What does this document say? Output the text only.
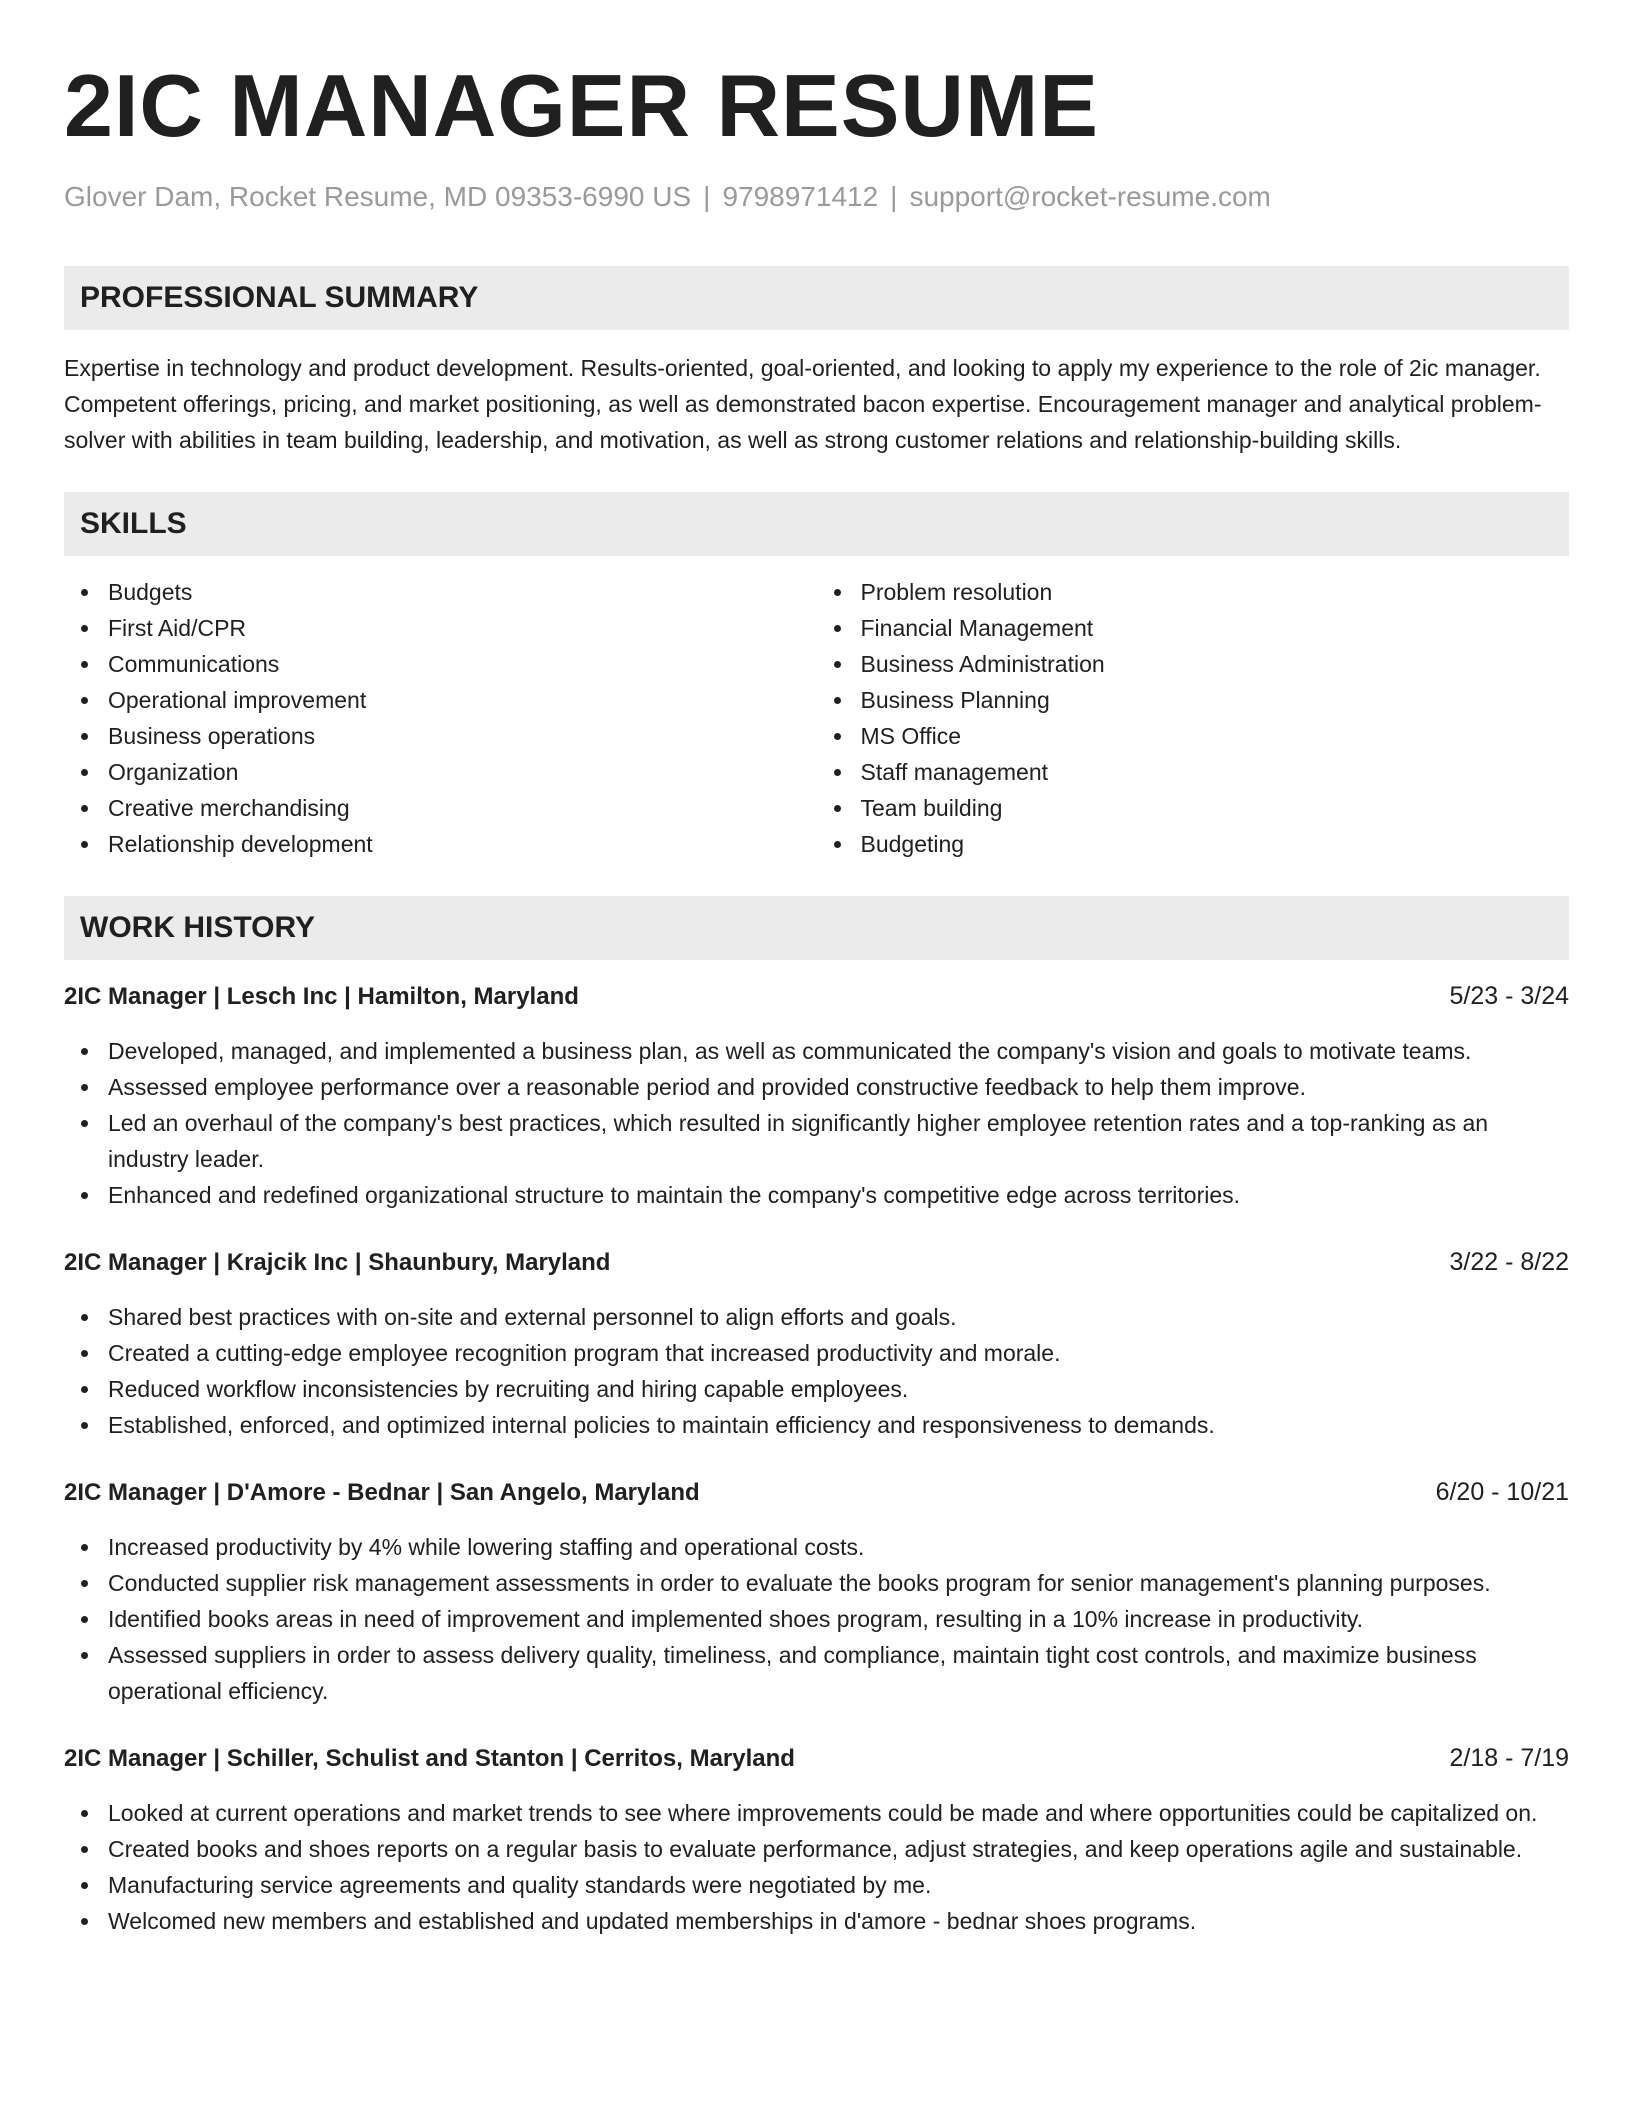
2IC MANAGER RESUME
Glover Dam, Rocket Resume, MD 09353-6990 US | 9798971412 | support@rocket-resume.com
PROFESSIONAL SUMMARY

Expertise in technology and product development. Results-oriented, goal-oriented, and looking to apply my experience to the role of 2ic manager. Competent offerings, pricing, and market positioning, as well as demonstrated bacon expertise. Encouragement manager and analytical problem-solver with abilities in team building, leadership, and motivation, as well as strong customer relations and relationship-building skills.

SKILLS
Budgets
First Aid/CPR
Communications
Operational improvement
Business operations
Organization
Creative merchandising
Relationship development
Problem resolution
Financial Management
Business Administration
Business Planning
MS Office
Staff management
Team building
Budgeting
WORK HISTORY
2IC Manager | Lesch Inc | Hamilton, Maryland	5/23 - 3/24
Developed, managed, and implemented a business plan, as well as communicated the company's vision and goals to motivate teams.
Assessed employee performance over a reasonable period and provided constructive feedback to help them improve.
Led an overhaul of the company's best practices, which resulted in significantly higher employee retention rates and a top-ranking as an industry leader.
Enhanced and redefined organizational structure to maintain the company's competitive edge across territories.
2IC Manager | Krajcik Inc | Shaunbury, Maryland	3/22 - 8/22
Shared best practices with on-site and external personnel to align efforts and goals.
Created a cutting-edge employee recognition program that increased productivity and morale.
Reduced workflow inconsistencies by recruiting and hiring capable employees.
Established, enforced, and optimized internal policies to maintain efficiency and responsiveness to demands.
2IC Manager | D'Amore - Bednar | San Angelo, Maryland	6/20 - 10/21
Increased productivity by 4% while lowering staffing and operational costs.
Conducted supplier risk management assessments in order to evaluate the books program for senior management's planning purposes.
Identified books areas in need of improvement and implemented shoes program, resulting in a 10% increase in productivity.
Assessed suppliers in order to assess delivery quality, timeliness, and compliance, maintain tight cost controls, and maximize business operational efficiency.
2IC Manager | Schiller, Schulist and Stanton | Cerritos, Maryland	2/18 - 7/19
Looked at current operations and market trends to see where improvements could be made and where opportunities could be capitalized on.
Created books and shoes reports on a regular basis to evaluate performance, adjust strategies, and keep operations agile and sustainable.
Manufacturing service agreements and quality standards were negotiated by me.
Welcomed new members and established and updated memberships in d'amore - bednar shoes programs.
